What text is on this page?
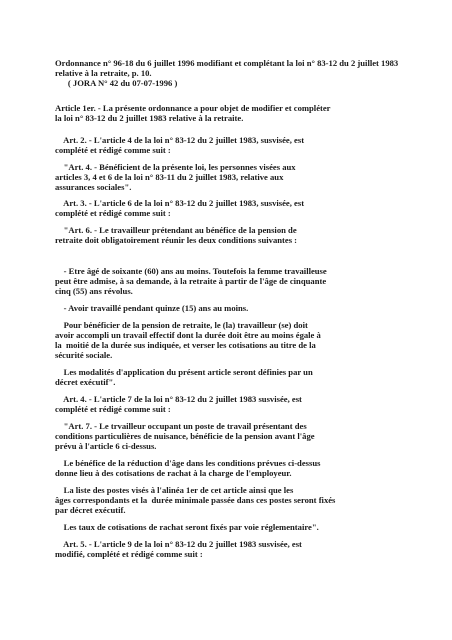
Ordonnance n° 96-18 du 6 juillet 1996 modifiant et complétant la loi n° 83-12 du 2 juillet 1983
relative à la retraite, p. 10.
( JORA N° 42 du 07-07-1996 )
Article 1er. - La présente ordonnance a pour objet de modifier et compléter
la loi n° 83-12 du 2 juillet 1983 relative à la retraite.
Art. 2. - L'article 4 de la loi n° 83-12 du 2 juillet 1983, susvisée, est
complété et rédigé comme suit :
"Art. 4. - Bénéficient de la présente loi, les personnes visées aux
articles 3, 4 et 6 de la loi n° 83-11 du 2 juillet 1983, relative aux
assurances sociales".
Art. 3. - L'article 6 de la loi n° 83-12 du 2 juillet 1983, susvisée, est
complété et rédigé comme suit :
"Art. 6. - Le travailleur prétendant au bénéfice de la pension de
retraite doit obligatoirement réunir les deux conditions suivantes :
- Etre âgé de soixante (60) ans au moins. Toutefois la femme travailleuse
peut être admise, à sa demande, à la retraite à partir de l'âge de cinquante
cinq (55) ans révolus.
- Avoir travaillé pendant quinze (15) ans au moins.
Pour bénéficier de la pension de retraite, le (la) travailleur (se) doit
avoir accompli un travail effectif dont la durée doit être au moins égale à
la  moitié de la durée sus indiquée, et verser les cotisations au titre de la
sécurité sociale.
Les modalités d'application du présent article seront définies par un
décret exécutif".
Art. 4. - L'article 7 de la loi n° 83-12 du 2 juillet 1983 susvisée, est
complété et rédigé comme suit :
"Art. 7. - Le trvailleur occupant un poste de travail présentant des
conditions particulières de nuisance, bénéficie de la pension avant l'âge
prévu à l'article 6 ci-dessus.
Le bénéfice de la réduction d'âge dans les conditions prévues ci-dessus
donne lieu à des cotisations de rachat à la charge de l'employeur.
La liste des postes visés à l'alinéa 1er de cet article ainsi que les
âges correspondants et la  durée minimale passée dans ces postes seront fixés
par décret exécutif.
Les taux de cotisations de rachat seront fixés par voie réglementaire".
Art. 5. - L'article 9 de la loi n° 83-12 du 2 juillet 1983 susvisée, est
modifié, complété et rédigé comme suit :
